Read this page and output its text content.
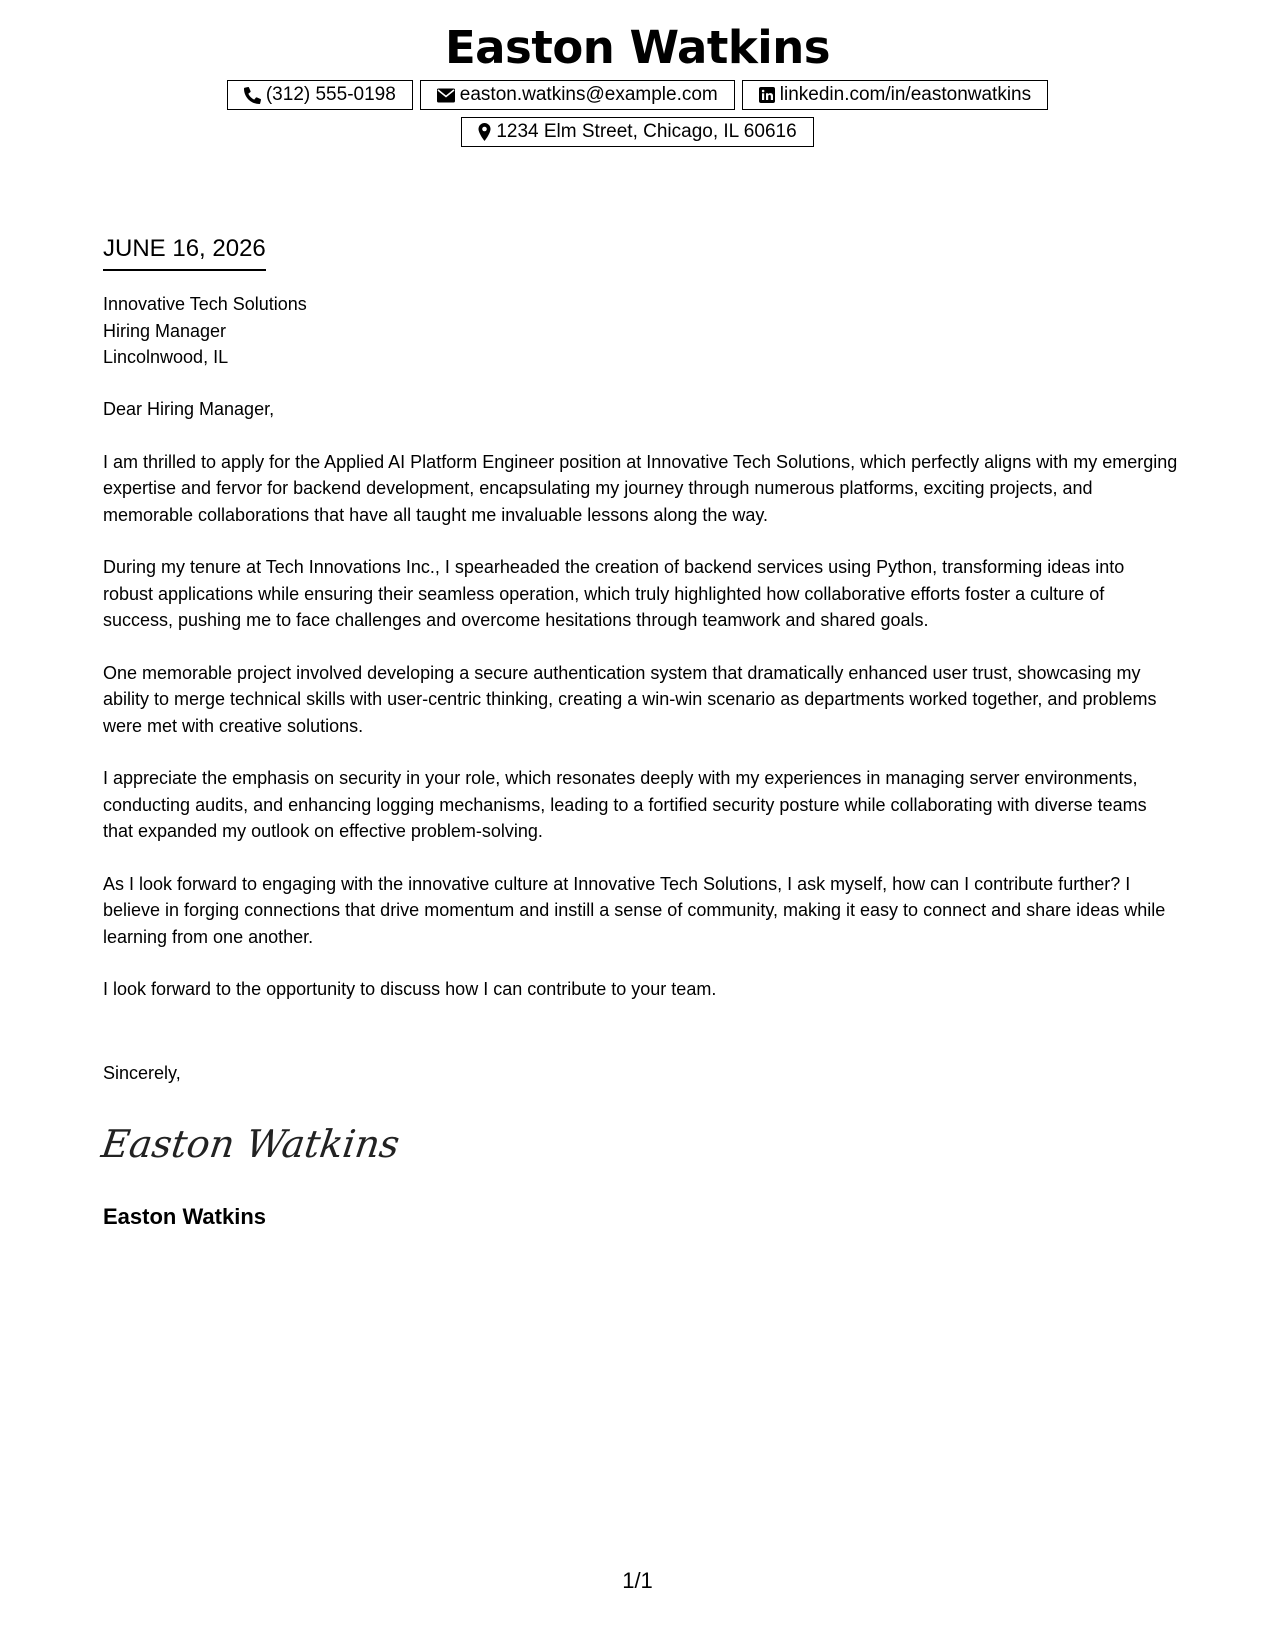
Easton Watkins
(312) 555-0198	easton.watkins@example.com	linkedin.com/in/eastonwatkins
1234 Elm Street, Chicago, IL 60616
JUNE 16, 2026
Innovative Tech Solutions
Hiring Manager
Lincolnwood, IL

Dear Hiring Manager,

I am thrilled to apply for the Applied AI Platform Engineer position at Innovative Tech Solutions, which perfectly aligns with my emerging expertise and fervor for backend development, encapsulating my journey through numerous platforms, exciting projects, and memorable collaborations that have all taught me invaluable lessons along the way.

During my tenure at Tech Innovations Inc., I spearheaded the creation of backend services using Python, transforming ideas into robust applications while ensuring their seamless operation, which truly highlighted how collaborative efforts foster a culture of success, pushing me to face challenges and overcome hesitations through teamwork and shared goals.

One memorable project involved developing a secure authentication system that dramatically enhanced user trust, showcasing my ability to merge technical skills with user-centric thinking, creating a win-win scenario as departments worked together, and problems were met with creative solutions.

I appreciate the emphasis on security in your role, which resonates deeply with my experiences in managing server environments, conducting audits, and enhancing logging mechanisms, leading to a fortified security posture while collaborating with diverse teams that expanded my outlook on effective problem-solving.

As I look forward to engaging with the innovative culture at Innovative Tech Solutions, I ask myself, how can I contribute further? I believe in forging connections that drive momentum and instill a sense of community, making it easy to connect and share ideas while learning from one another.

I look forward to the opportunity to discuss how I can contribute to your team.

Sincerely,
Easton Watkins
Easton Watkins
1/1
